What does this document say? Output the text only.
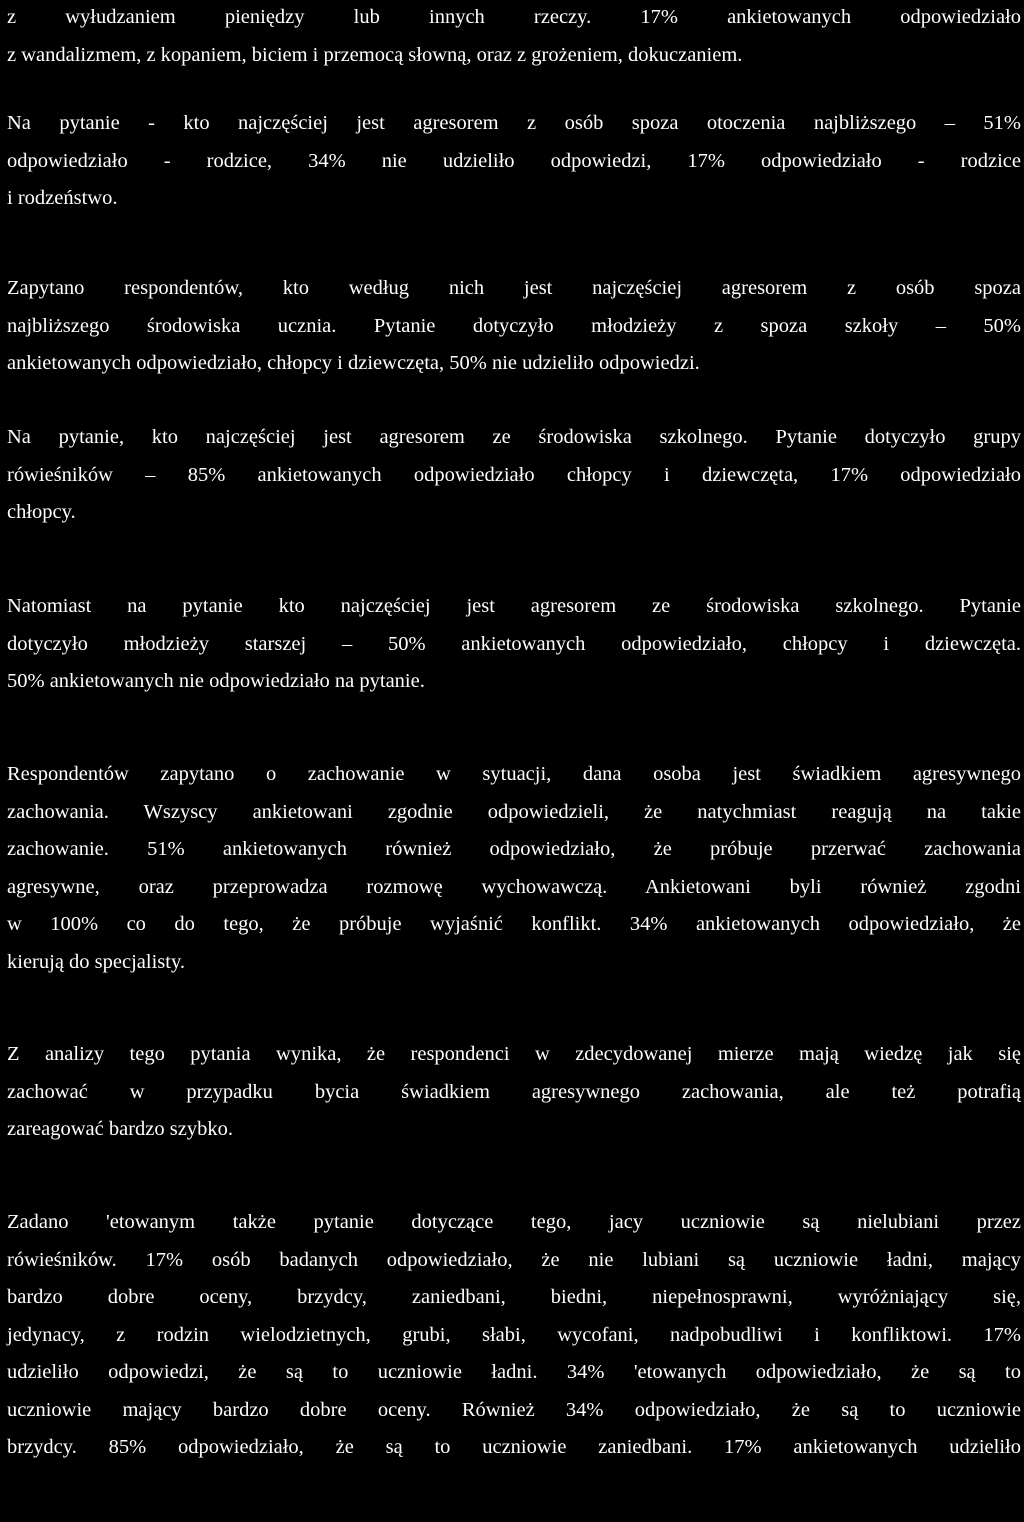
z wyłudzaniem pieniędzy lub innych rzeczy. 17% ankietowanych odpowiedziało
z wandalizmem, z kopaniem, biciem i przemocą słowną, oraz z grożeniem, dokuczaniem.
Na pytanie - kto najczęściej jest agresorem z osób spoza otoczenia najbliższego – 51%
odpowiedziało - rodzice, 34% nie udzieliło odpowiedzi, 17% odpowiedziało - rodzice
i rodzeństwo.
Zapytano respondentów, kto według nich jest najczęściej agresorem z osób spoza
najbliższego środowiska ucznia. Pytanie dotyczyło młodzieży z spoza szkoły – 50%
ankietowanych odpowiedziało, chłopcy i dziewczęta, 50% nie udzieliło odpowiedzi.
Na pytanie, kto najczęściej jest agresorem ze środowiska szkolnego. Pytanie dotyczyło grupy
rówieśników – 85% ankietowanych odpowiedziało chłopcy i dziewczęta, 17% odpowiedziało
chłopcy.
Natomiast na pytanie kto najczęściej jest agresorem ze środowiska szkolnego. Pytanie
dotyczyło młodzieży starszej – 50% ankietowanych odpowiedziało, chłopcy i dziewczęta.
50% ankietowanych nie odpowiedziało na pytanie.
Respondentów zapytano o zachowanie w sytuacji, dana osoba jest świadkiem agresywnego
zachowania. Wszyscy ankietowani zgodnie odpowiedzieli, że natychmiast reagują na takie
zachowanie. 51% ankietowanych również odpowiedziało, że próbuje przerwać zachowania
agresywne, oraz przeprowadza rozmowę wychowawczą. Ankietowani byli również zgodni
w 100% co do tego, że próbuje wyjaśnić konflikt. 34% ankietowanych odpowiedziało, że
kierują do specjalisty.
Z analizy tego pytania wynika, że respondenci w zdecydowanej mierze mają wiedzę jak się
zachować w przypadku bycia świadkiem agresywnego zachowania, ale też potrafią
zareagować bardzo szybko.
Zadano 'etowanym także pytanie dotyczące tego, jacy uczniowie są nielubiani przez
rówieśników. 17% osób badanych odpowiedziało, że nie lubiani są uczniowie ładni, mający
bardzo dobre oceny, brzydcy, zaniedbani, biedni, niepełnosprawni, wyróżniający się,
jedynacy, z rodzin wielodzietnych, grubi, słabi, wycofani, nadpobudliwi i konfliktowi. 17%
udzieliło odpowiedzi, że są to uczniowie ładni. 34% 'etowanych odpowiedziało, że są to
uczniowie mający bardzo dobre oceny. Również 34% odpowiedziało, że są to uczniowie
brzydcy. 85% odpowiedziało, że są to uczniowie zaniedbani. 17% ankietowanych udzieliło
